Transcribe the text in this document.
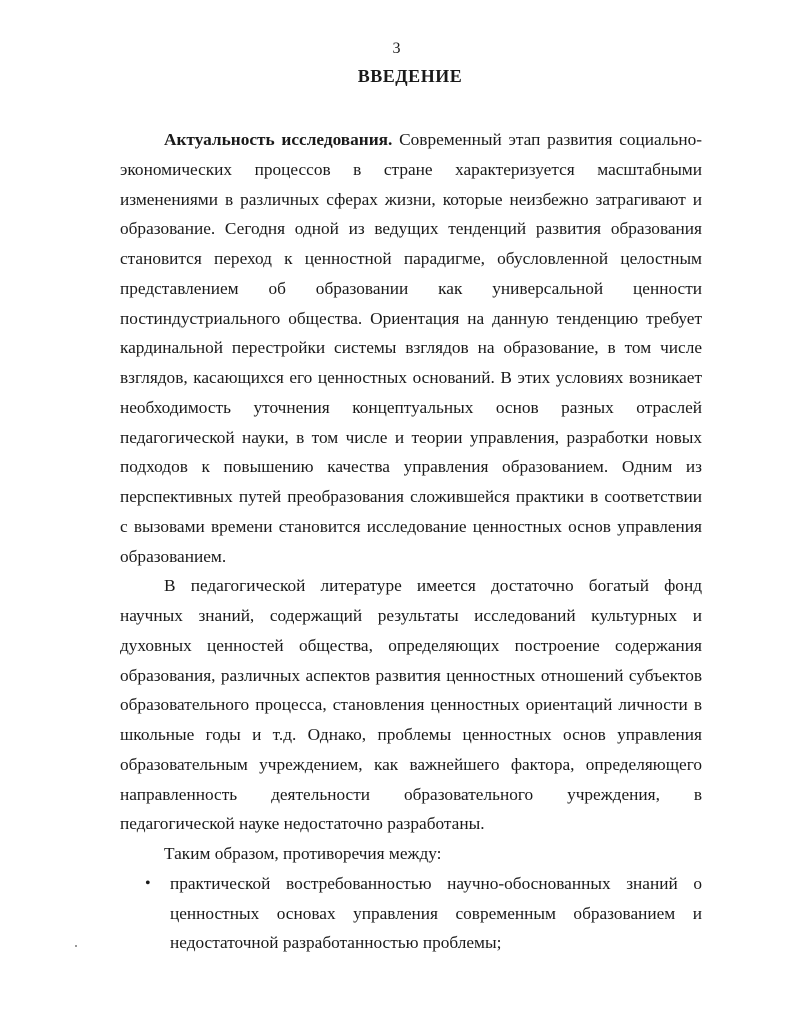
3
ВВЕДЕНИЕ

Актуальность исследования. Современный этап развития социально-экономических процессов в стране характеризуется масштабными изменениями в различных сферах жизни, которые неизбежно затрагивают и образование. Сегодня одной из ведущих тенденций развития образования становится переход к ценностной парадигме, обусловленной целостным представлением об образовании как универсальной ценности постиндустриального общества. Ориентация на данную тенденцию требует кардинальной перестройки системы взглядов на образование, в том числе взглядов, касающихся его ценностных оснований. В этих условиях возникает необходимость уточнения концептуальных основ разных отраслей педагогической науки, в том числе и теории управления, разработки новых подходов к повышению качества управления образованием. Одним из перспективных путей преобразования сложившейся практики в соответствии с вызовами времени становится исследование ценностных основ управления образованием.

В педагогической литературе имеется достаточно богатый фонд научных знаний, содержащий результаты исследований культурных и духовных ценностей общества, определяющих построение содержания образования, различных аспектов развития ценностных отношений субъектов образовательного процесса, становления ценностных ориентаций личности в школьные годы и т.д. Однако, проблемы ценностных основ управления образовательным учреждением, как важнейшего фактора, определяющего направленность деятельности образовательного учреждения, в педагогической науке недостаточно разработаны.

Таким образом, противоречия между:

• практической востребованностью научно-обоснованных знаний о ценностных основах управления современным образованием и недостаточной разработанностью проблемы;
